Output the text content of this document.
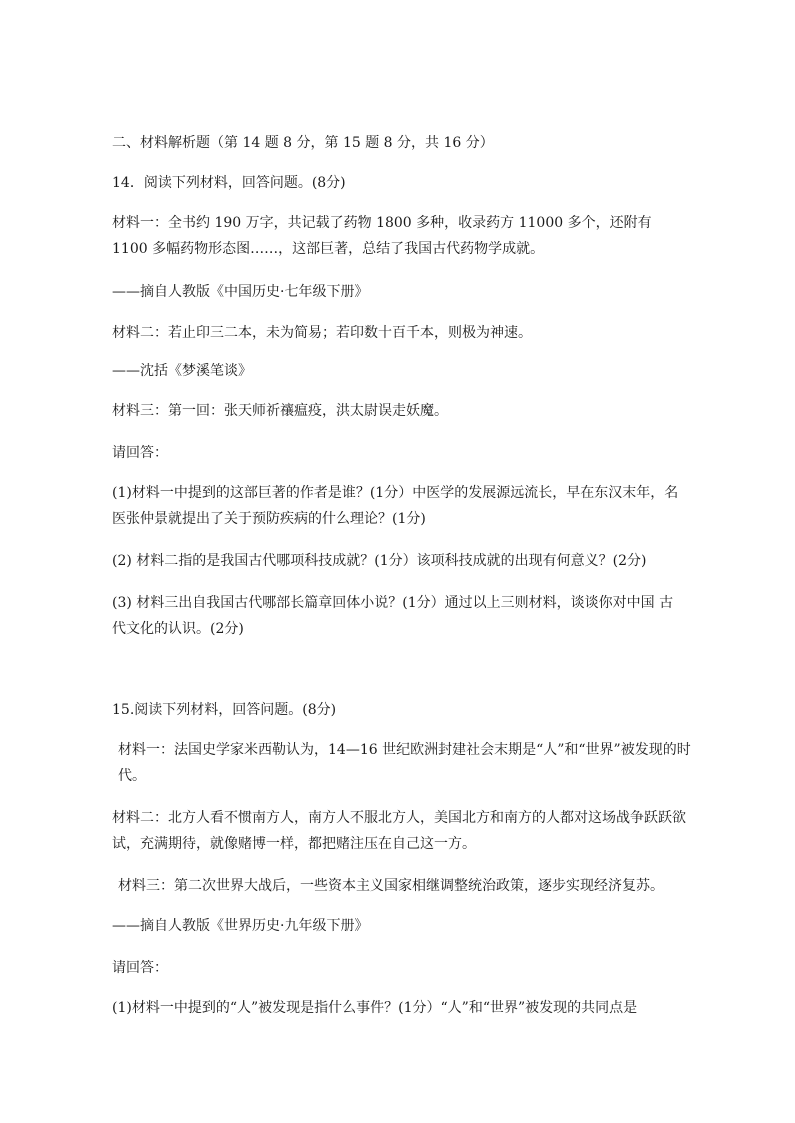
二、材料解析题（第 14 题 8 分，第 15 题 8 分，共 16 分）
14．阅读下列材料，回答问题。(8分)
材料一：全书约 190 万字，共记载了药物 1800 多种，收录药方 11000 多个，还附有 1100 多幅药物形态图……，这部巨著，总结了我国古代药物学成就。
——摘自人教版《中国历史·七年级下册》
材料二：若止印三二本，未为简易；若印数十百千本，则极为神速。
——沈括《梦溪笔谈》
材料三：第一回：张天师祈禳瘟疫，洪太尉误走妖魔。
请回答：
(1)材料一中提到的这部巨著的作者是谁？(1分）中医学的发展源远流长，早在东汉末年，名医张仲景就提出了关于预防疾病的什么理论？(1分)
(2) 材料二指的是我国古代哪项科技成就？(1分）该项科技成就的出现有何意义？(2分)
(3) 材料三出自我国古代哪部长篇章回体小说？(1分）通过以上三则材料，谈谈你对中国 古代文化的认识。(2分)
15.阅读下列材料，回答问题。(8分)
材料一：法国史学家米西勒认为，14—16 世纪欧洲封建社会末期是“人”和“世界”被发现的时代。
材料二：北方人看不惯南方人，南方人不服北方人，美国北方和南方的人都对这场战争跃跃欲试，充满期待，就像赌博一样，都把赌注压在自己这一方。
材料三：第二次世界大战后，一些资本主义国家相继调整统治政策，逐步实现经济复苏。
——摘自人教版《世界历史·九年级下册》
请回答：
(1)材料一中提到的“人”被发现是指什么事件？(1分）“人”和“世界”被发现的共同点是
